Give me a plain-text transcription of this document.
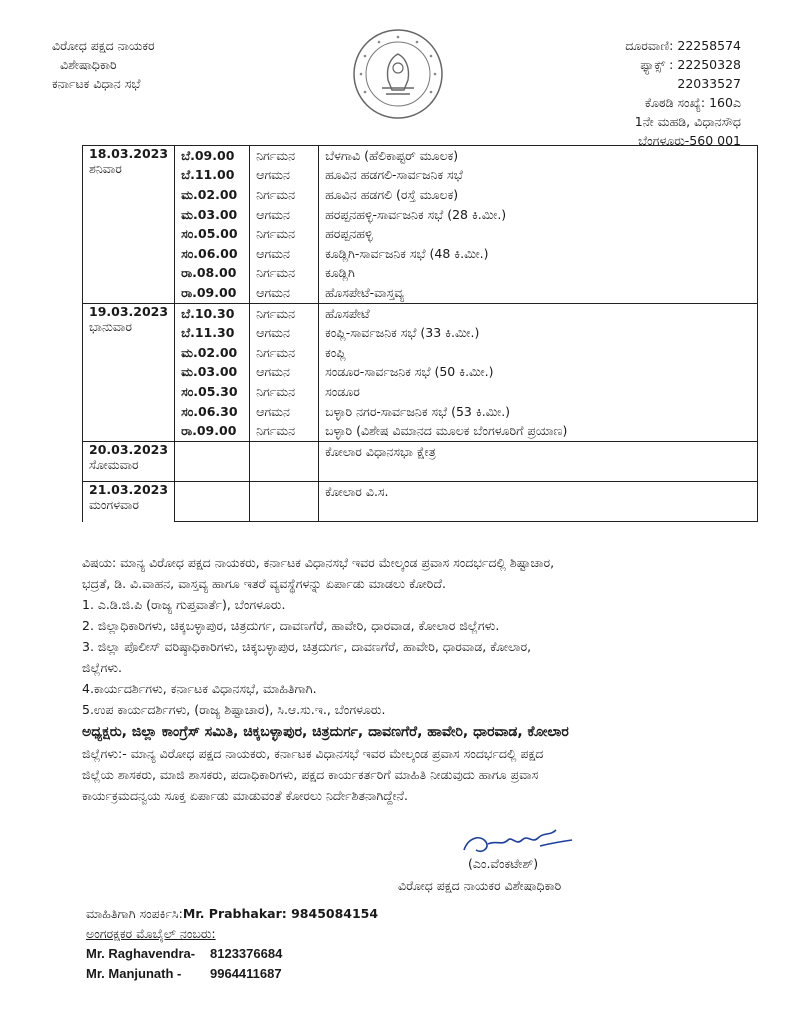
ವಿರೋಧ ಪಕ್ಷದ ನಾಯಕರ
ವಿಶೇಷಾಧಿಕಾರಿ
ಕರ್ನಾಟಕ ವಿಧಾನ ಸಭೆ
ದೂರವಾಣಿ: 22258574
ಫ್ಯಾಕ್ಸ್ : 22250328
22033527
ಕೊಠಡಿ ಸಂಖ್ಯೆ: 160ಎ
1ನೇ ಮಹಡಿ, ವಿಧಾನಸೌಧ
ಬೆಂಗಳೂರು-560 001
18.03.2023
ಶನಿವಾರ	ಬೆ.09.00	ನಿರ್ಗಮನ	ಬೆಳಗಾವಿ (ಹೆಲಿಕಾಪ್ಟರ್ ಮೂಲಕ)
	ಬೆ.11.00	ಆಗಮನ	ಹೂವಿನ ಹಡಗಲಿ-ಸಾರ್ವಜನಿಕ ಸಭೆ
	ಮ.02.00	ನಿರ್ಗಮನ	ಹೂವಿನ ಹಡಗಲಿ (ರಸ್ತೆ ಮೂಲಕ)
	ಮ.03.00	ಆಗಮನ	ಹರಪ್ಪನಹಳ್ಳಿ-ಸಾರ್ವಜನಿಕ ಸಭೆ (28 ಕಿ.ಮೀ.)
	ಸಂ.05.00	ನಿರ್ಗಮನ	ಹರಪ್ಪನಹಳ್ಳಿ
	ಸಂ.06.00	ಆಗಮನ	ಕೂಡ್ಲಿಗಿ-ಸಾರ್ವಜನಿಕ ಸಭೆ (48 ಕಿ.ಮೀ.)
	ರಾ.08.00	ನಿರ್ಗಮನ	ಕೂಡ್ಲಿಗಿ
	ರಾ.09.00	ಆಗಮನ	ಹೊಸಪೇಟೆ-ವಾಸ್ತವ್ಯ
19.03.2023
ಭಾನುವಾರ	ಬೆ.10.30	ನಿರ್ಗಮನ	ಹೊಸಪೇಟೆ
	ಬೆ.11.30	ಆಗಮನ	ಕಂಪ್ಲಿ-ಸಾರ್ವಜನಿಕ ಸಭೆ (33 ಕಿ.ಮೀ.)
	ಮ.02.00	ನಿರ್ಗಮನ	ಕಂಪ್ಲಿ
	ಮ.03.00	ಆಗಮನ	ಸಂಡೂರ-ಸಾರ್ವಜನಿಕ ಸಭೆ (50 ಕಿ.ಮೀ.)
	ಸಂ.05.30	ನಿರ್ಗಮನ	ಸಂಡೂರ
	ಸಂ.06.30	ಆಗಮನ	ಬಳ್ಳಾರಿ ನಗರ-ಸಾರ್ವಜನಿಕ ಸಭೆ (53 ಕಿ.ಮೀ.)
	ರಾ.09.00	ನಿರ್ಗಮನ	ಬಳ್ಳಾರಿ (ವಿಶೇಷ ವಿಮಾನದ ಮೂಲಕ ಬೆಂಗಳೂರಿಗೆ ಪ್ರಯಾಣ)
20.03.2023
ಸೋಮವಾರ			ಕೋಲಾರ ವಿಧಾನಸಭಾ ಕ್ಷೇತ್ರ

21.03.2023
ಮಂಗಳವಾರ			ಕೋಲಾರ ವಿ.ಸ.

ವಿಷಯ: ಮಾನ್ಯ ವಿರೋಧ ಪಕ್ಷದ ನಾಯಕರು, ಕರ್ನಾಟಕ ವಿಧಾನಸಭೆ ಇವರ ಮೇಲ್ಕಂಡ ಪ್ರವಾಸ ಸಂದರ್ಭದಲ್ಲಿ ಶಿಷ್ಟಾಚಾರ,
ಭದ್ರತೆ, ಡಿ. ವಿ.ವಾಹನ, ವಾಸ್ತವ್ಯ ಹಾಗೂ ಇತರೆ ವ್ಯವಸ್ಥೆಗಳನ್ನು ಏರ್ಪಾಡು ಮಾಡಲು ಕೋರಿದೆ.
1. ಎ.ಡಿ.ಜಿ.ಪಿ (ರಾಜ್ಯ ಗುಪ್ತವಾರ್ತೆ), ಬೆಂಗಳೂರು.
2. ಜಿಲ್ಲಾಧಿಕಾರಿಗಳು, ಚಿಕ್ಕಬಳ್ಳಾಪುರ, ಚಿತ್ರದುರ್ಗ, ದಾವಣಗೆರೆ, ಹಾವೇರಿ, ಧಾರವಾಡ, ಕೋಲಾರ ಜಿಲ್ಲೆಗಳು.
3. ಜಿಲ್ಲಾ ಪೊಲೀಸ್ ವರಿಷ್ಠಾಧಿಕಾರಿಗಳು, ಚಿಕ್ಕಬಳ್ಳಾಪುರ, ಚಿತ್ರದುರ್ಗ, ದಾವಣಗೆರೆ, ಹಾವೇರಿ, ಧಾರವಾಡ, ಕೋಲಾರ,
ಜಿಲ್ಲೆಗಳು.
4.ಕಾರ್ಯದರ್ಶಿಗಳು, ಕರ್ನಾಟಕ ವಿಧಾನಸಭೆ, ಮಾಹಿತಿಗಾಗಿ.
5.ಉಪ ಕಾರ್ಯದರ್ಶಿಗಳು, (ರಾಜ್ಯ ಶಿಷ್ಟಾಚಾರ), ಸಿ.ಆ.ಸು.ಇ., ಬೆಂಗಳೂರು.
ಅಧ್ಯಕ್ಷರು, ಜಿಲ್ಲಾ ಕಾಂಗ್ರೆಸ್ ಸಮಿತಿ, ಚಿಕ್ಕಬಳ್ಳಾಪುರ, ಚಿತ್ರದುರ್ಗ, ದಾವಣಗೆರೆ, ಹಾವೇರಿ, ಧಾರವಾಡ, ಕೋಲಾರ
ಜಿಲ್ಲೆಗಳು:- ಮಾನ್ಯ ವಿರೋಧ ಪಕ್ಷದ ನಾಯಕರು, ಕರ್ನಾಟಕ ವಿಧಾನಸಭೆ ಇವರ ಮೇಲ್ಕಂಡ ಪ್ರವಾಸ ಸಂದರ್ಭದಲ್ಲಿ ಪಕ್ಷದ
ಜಿಲ್ಲೆಯ ಶಾಸಕರು, ಮಾಜಿ ಶಾಸಕರು, ಪದಾಧಿಕಾರಿಗಳು, ಪಕ್ಷದ ಕಾರ್ಯಕರ್ತರಿಗೆ ಮಾಹಿತಿ ನೀಡುವುದು ಹಾಗೂ ಪ್ರವಾಸ
ಕಾರ್ಯಕ್ರಮದನ್ವಯ ಸೂಕ್ತ ಏರ್ಪಾಡು ಮಾಡುವಂತೆ ಕೋರಲು ನಿರ್ದೇಶಿತನಾಗಿದ್ದೇನೆ.
(ಎಂ.ವೆಂಕಟೇಶ್)
ವಿರೋಧ ಪಕ್ಷದ ನಾಯಕರ ವಿಶೇಷಾಧಿಕಾರಿ
ಮಾಹಿತಿಗಾಗಿ ಸಂಪರ್ಕಿಸಿ:Mr. Prabhakar: 9845084154
ಅಂಗರಕ್ಷಕರ ಮೊಬೈಲ್ ನಂಬರು:
Mr. Raghavendra-	8123376684
Mr. Manjunath -	9964411687
